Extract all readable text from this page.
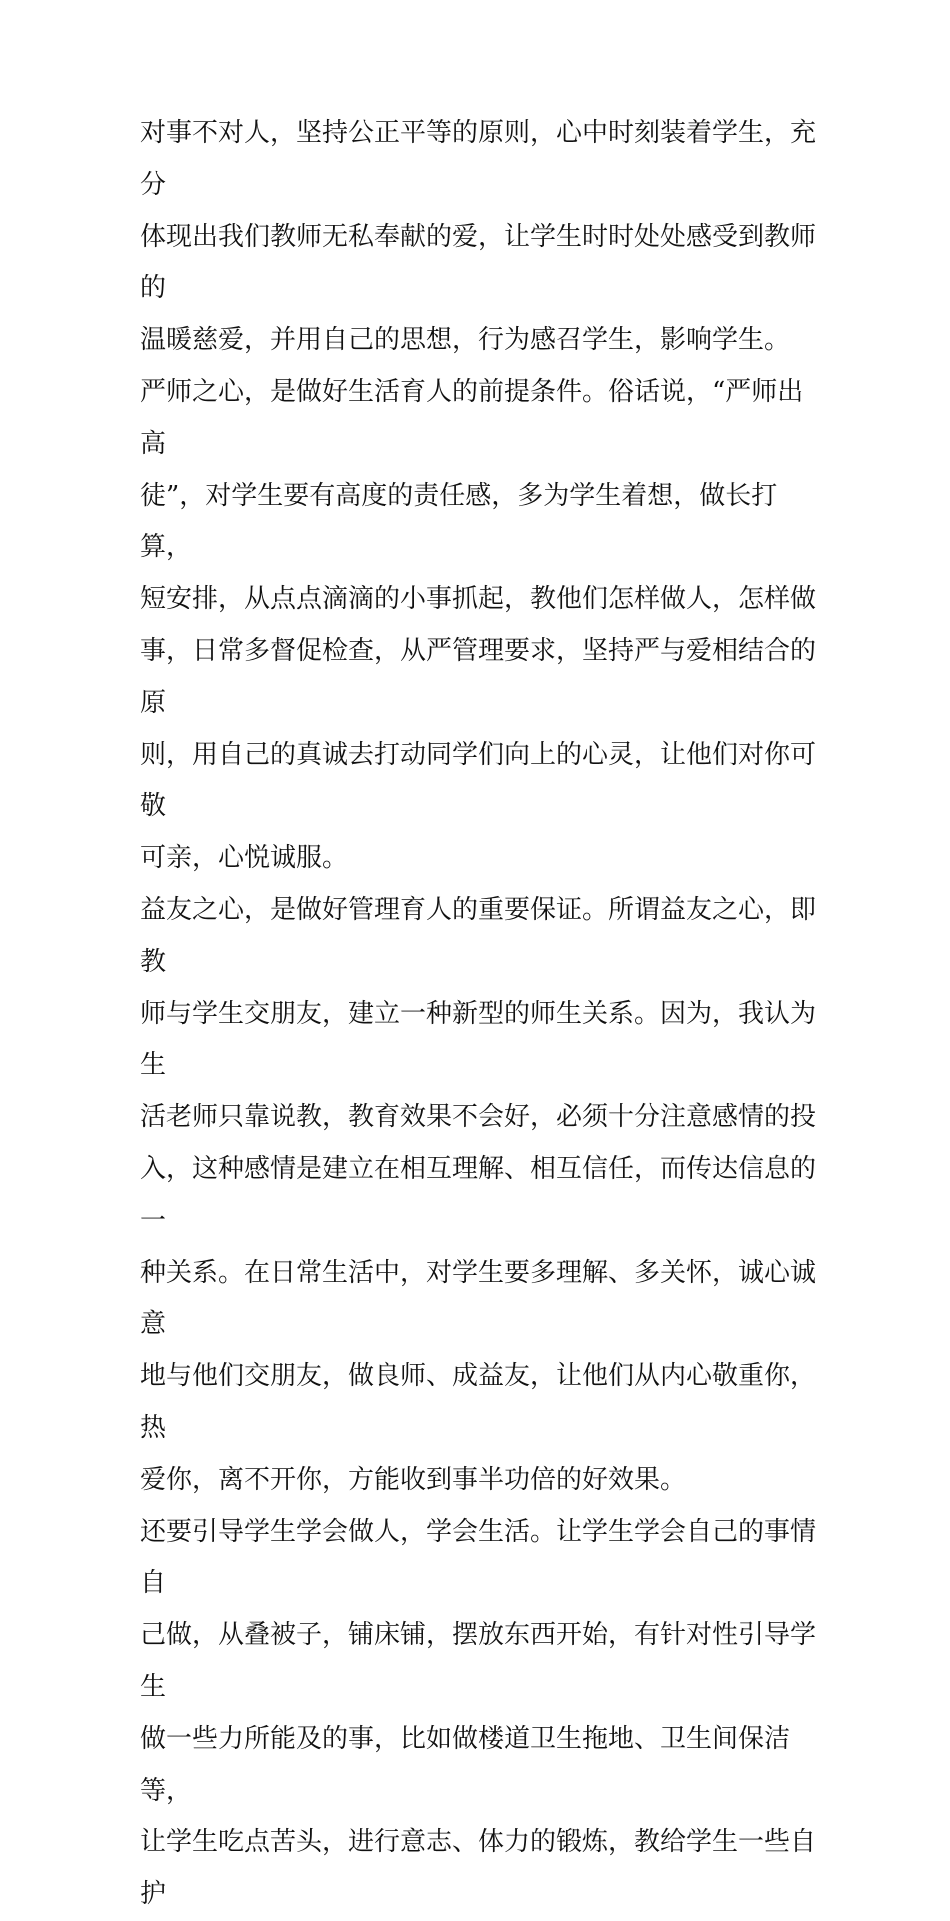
对事不对人，坚持公正平等的原则，心中时刻装着学生，充分
体现出我们教师无私奉献的爱，让学生时时处处感受到教师的
温暖慈爱，并用自己的思想，行为感召学生，影响学生。
严师之心，是做好生活育人的前提条件。俗话说，“严师出高
徒”，对学生要有高度的责任感，多为学生着想，做长打算，
短安排，从点点滴滴的小事抓起，教他们怎样做人，怎样做
事，日常多督促检查，从严管理要求，坚持严与爱相结合的原
则，用自己的真诚去打动同学们向上的心灵，让他们对你可敬
可亲，心悦诚服。
益友之心，是做好管理育人的重要保证。所谓益友之心，即教
师与学生交朋友，建立一种新型的师生关系。因为，我认为生
活老师只靠说教，教育效果不会好，必须十分注意感情的投
入，这种感情是建立在相互理解、相互信任，而传达信息的一
种关系。在日常生活中，对学生要多理解、多关怀，诚心诚意
地与他们交朋友，做良师、成益友，让他们从内心敬重你，热
爱你，离不开你，方能收到事半功倍的好效果。
还要引导学生学会做人，学会生活。让学生学会自己的事情自
己做，从叠被子，铺床铺，摆放东西开始，有针对性引导学生
做一些力所能及的事，比如做楼道卫生拖地、卫生间保洁等，
让学生吃点苦头，进行意志、体力的锻炼，教给学生一些自护
